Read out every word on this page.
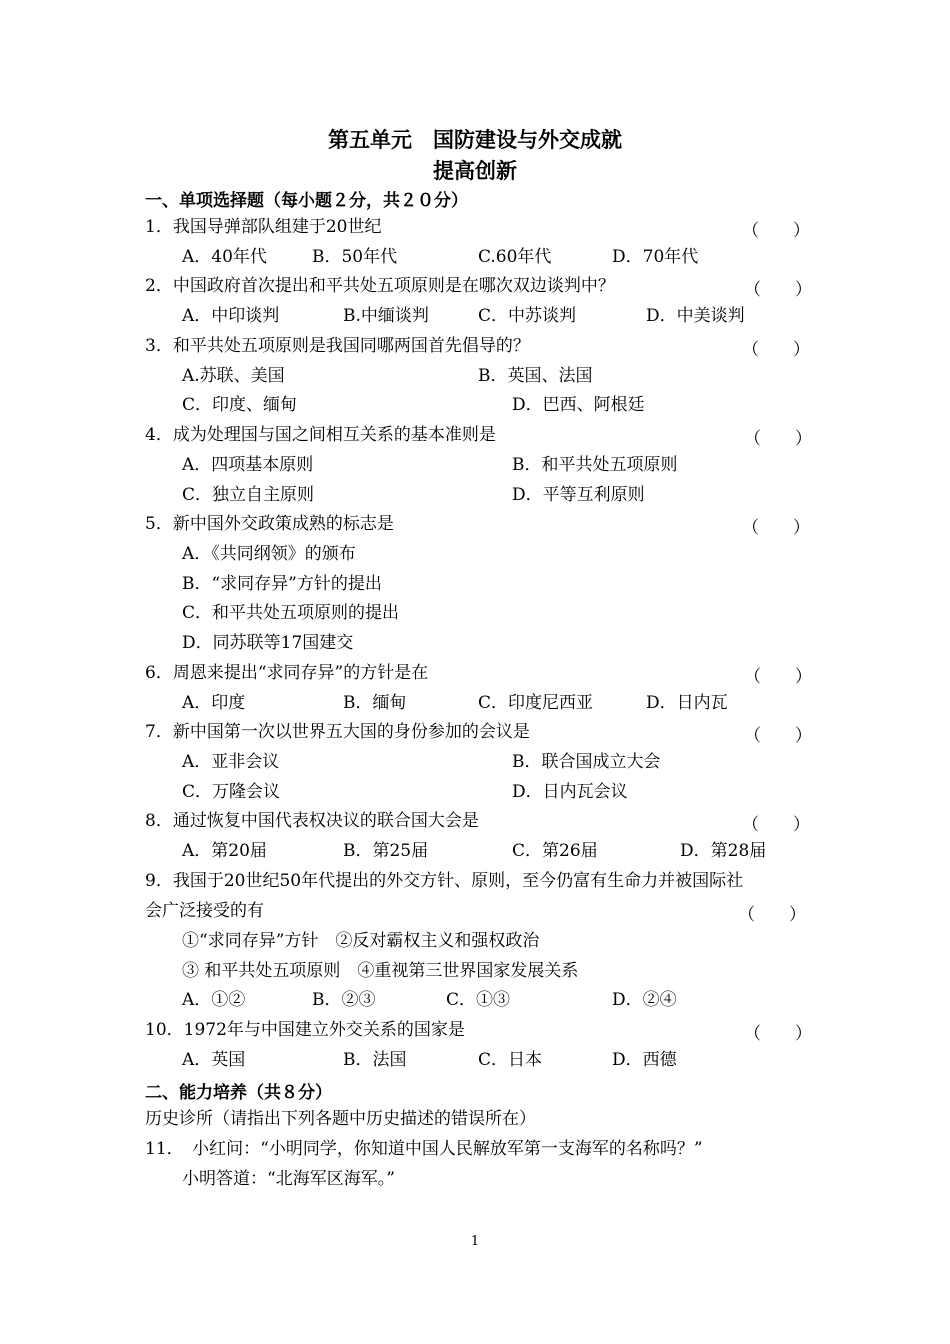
第五单元　国防建设与外交成就
提高创新
一、单项选择题（每小题２分，共２０分）
1．我国导弹部队组建于20世纪	（　　）
A．40年代	B．50年代	C.60年代	D．70年代
2．中国政府首次提出和平共处五项原则是在哪次双边谈判中？	（　　）
A．中印谈判	B.中缅谈判	C．中苏谈判	D．中美谈判
3．和平共处五项原则是我国同哪两国首先倡导的？	（　　）
A.苏联、美国	B．英国、法国
C．印度、缅甸	D．巴西、阿根廷
4．成为处理国与国之间相互关系的基本准则是	（　　）
A．四项基本原则	B．和平共处五项原则
C．独立自主原则	D．平等互利原则
5．新中国外交政策成熟的标志是	（　　）
A．《共同纲领》的颁布
B．“求同存异”方针的提出
C．和平共处五项原则的提出
D．同苏联等17国建交
6．周恩来提出“求同存异”的方针是在	（　　）
A．印度	B．缅甸	C．印度尼西亚	D．日内瓦
7．新中国第一次以世界五大国的身份参加的会议是	（　　）
A．亚非会议	B．联合国成立大会
C．万隆会议	D．日内瓦会议
8．通过恢复中国代表权决议的联合国大会是	（　　）
A．第20届	B．第25届	C．第26届	D．第28届
9．我国于20世纪50年代提出的外交方针、原则，至今仍富有生命力并被国际社
会广泛接受的有	（　　）
①“求同存异”方针　②反对霸权主义和强权政治
③ 和平共处五项原则　④重视第三世界国家发展关系
A．①②	B．②③	C．①③	D．②④
10．1972年与中国建立外交关系的国家是	（　　）
A．英国	B．法国	C．日本	D．西德
二、能力培养（共８分）
历史诊所（请指出下列各题中历史描述的错误所在）
11．　小红问：“小明同学，你知道中国人民解放军第一支海军的名称吗？”
小明答道：“北海军区海军。”
1
